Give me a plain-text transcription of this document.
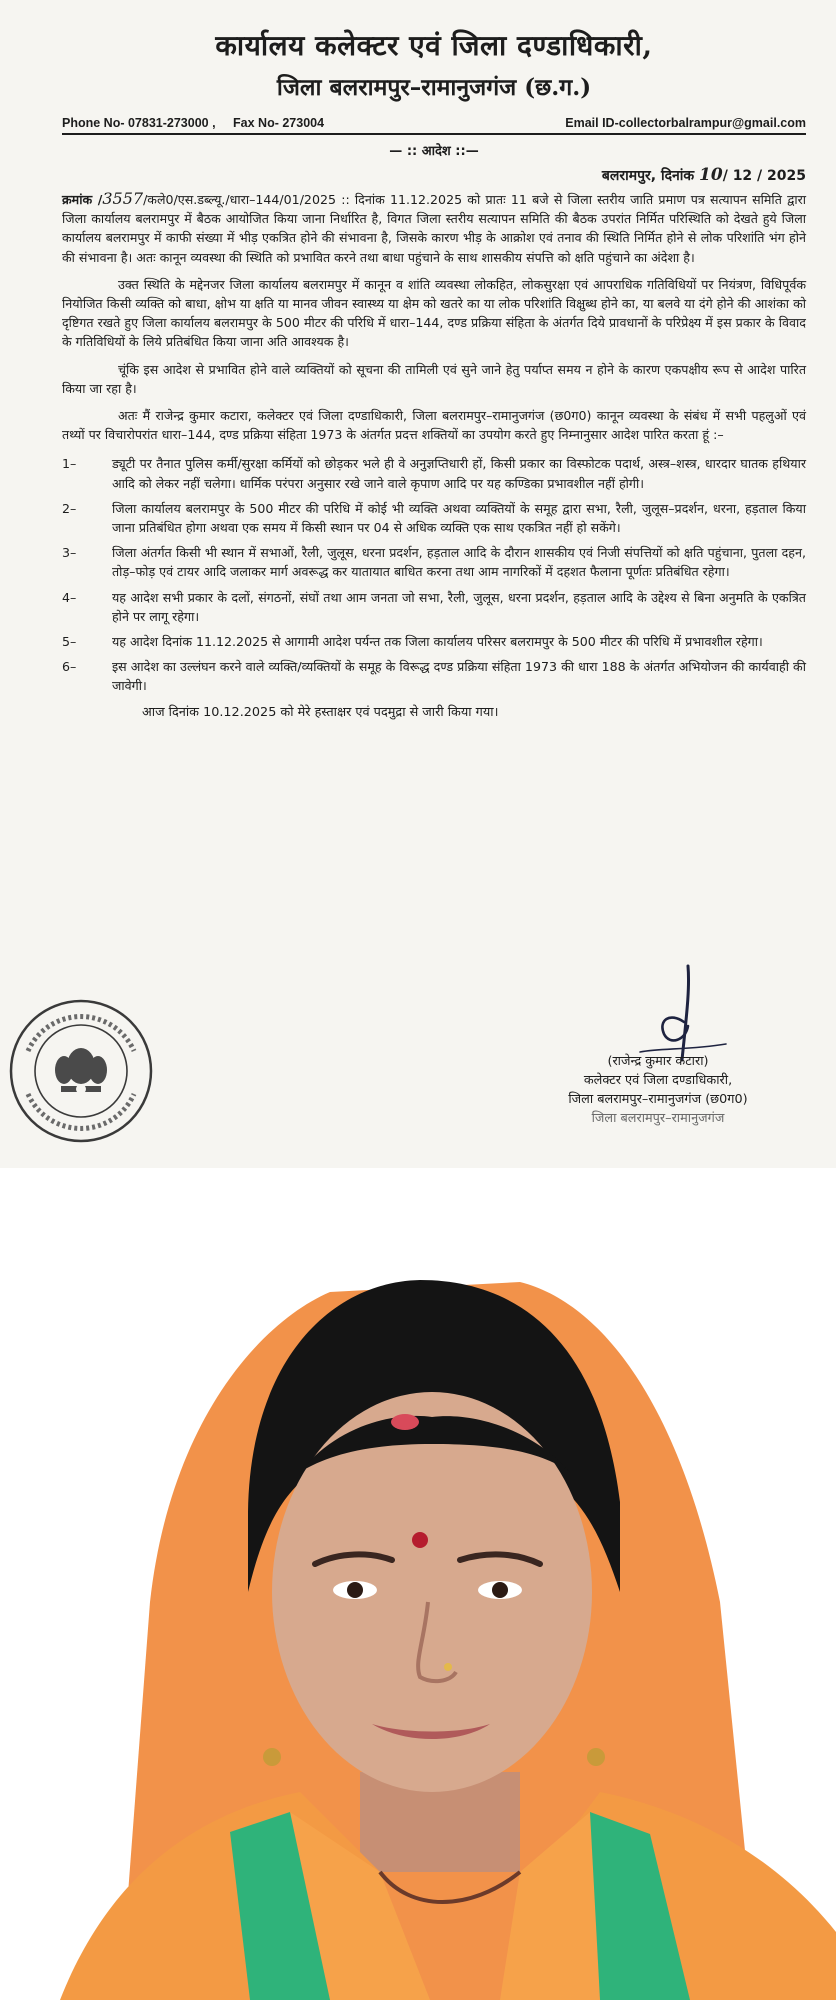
कार्यालय कलेक्टर एवं जिला दण्डाधिकारी,
जिला बलरामपुर–रामानुजगंज (छ.ग.)
Phone No- 07831-273000 , Fax No- 273004	Email ID-collectorbalrampur@gmail.com
— :: आदेश ::—
बलरामपुर, दिनांक 10/ 12 / 2025

क्रमांक /3557/कले0/एस.डब्ल्यू./धारा–144/01/2025 :: दिनांक 11.12.2025 को प्रातः 11 बजे से जिला स्तरीय जाति प्रमाण पत्र सत्यापन समिति द्वारा जिला कार्यालय बलरामपुर में बैठक आयोजित किया जाना निर्धारित है, विगत जिला स्तरीय सत्यापन समिति की बैठक उपरांत निर्मित परिस्थिति को देखते हुये जिला कार्यालय बलरामपुर में काफी संख्या में भीड़ एकत्रित होने की संभावना है, जिसके कारण भीड़ के आक्रोश एवं तनाव की स्थिति निर्मित होने से लोक परिशांति भंग होने की संभावना है। अतः कानून व्यवस्था की स्थिति को प्रभावित करने तथा बाधा पहुंचाने के साथ शासकीय संपत्ति को क्षति पहुंचाने का अंदेशा है।

उक्त स्थिति के मद्देनजर जिला कार्यालय बलरामपुर में कानून व शांति व्यवस्था लोकहित, लोकसुरक्षा एवं आपराधिक गतिविधियों पर नियंत्रण, विधिपूर्वक नियोजित किसी व्यक्ति को बाधा, क्षोभ या क्षति या मानव जीवन स्वास्थ्य या क्षेम को खतरे का या लोक परिशांति विक्षुब्ध होने का, या बलवे या दंगे होने की आशंका को दृष्टिगत रखते हुए जिला कार्यालय बलरामपुर के 500 मीटर की परिधि में धारा–144, दण्ड प्रक्रिया संहिता के अंतर्गत दिये प्रावधानों के परिप्रेक्ष्य में इस प्रकार के विवाद के गतिविधियों के लिये प्रतिबंधित किया जाना अति आवश्यक है।

चूंकि इस आदेश से प्रभावित होने वाले व्यक्तियों को सूचना की तामिली एवं सुने जाने हेतु पर्याप्त समय न होने के कारण एकपक्षीय रूप से आदेश पारित किया जा रहा है।

अतः मैं राजेन्द्र कुमार कटारा, कलेक्टर एवं जिला दण्डाधिकारी, जिला बलरामपुर–रामानुजगंज (छ0ग0) कानून व्यवस्था के संबंध में सभी पहलुओं एवं तथ्यों पर विचारोपरांत धारा–144, दण्ड प्रक्रिया संहिता 1973 के अंतर्गत प्रदत्त शक्तियों का उपयोग करते हुए निम्नानुसार आदेश पारित करता हूं :–

1–	ड्यूटी पर तैनात पुलिस कर्मी/सुरक्षा कर्मियों को छोड़कर भले ही वे अनुज्ञप्तिधारी हों, किसी प्रकार का विस्फोटक पदार्थ, अस्त्र–शस्त्र, धारदार घातक हथियार आदि को लेकर नहीं चलेगा। धार्मिक परंपरा अनुसार रखे जाने वाले कृपाण आदि पर यह कण्डिका प्रभावशील नहीं होगी।
2–	जिला कार्यालय बलरामपुर के 500 मीटर की परिधि में कोई भी व्यक्ति अथवा व्यक्तियों के समूह द्वारा सभा, रैली, जुलूस–प्रदर्शन, धरना, हड़ताल किया जाना प्रतिबंधित होगा अथवा एक समय में किसी स्थान पर 04 से अधिक व्यक्ति एक साथ एकत्रित नहीं हो सकेंगे।
3–	जिला अंतर्गत किसी भी स्थान में सभाओं, रैली, जुलूस, धरना प्रदर्शन, हड़ताल आदि के दौरान शासकीय एवं निजी संपत्तियों को क्षति पहुंचाना, पुतला दहन, तोड़–फोड़ एवं टायर आदि जलाकर मार्ग अवरूद्ध कर यातायात बाधित करना तथा आम नागरिकों में दहशत फैलाना पूर्णतः प्रतिबंधित रहेगा।
4–	यह आदेश सभी प्रकार के दलों, संगठनों, संघों तथा आम जनता जो सभा, रैली, जुलूस, धरना प्रदर्शन, हड़ताल आदि के उद्देश्य से बिना अनुमति के एकत्रित होने पर लागू रहेगा।
5–	यह आदेश दिनांक 11.12.2025 से आगामी आदेश पर्यन्त तक जिला कार्यालय परिसर बलरामपुर के 500 मीटर की परिधि में प्रभावशील रहेगा।
6–	इस आदेश का उल्लंघन करने वाले व्यक्ति/व्यक्तियों के समूह के विरूद्ध दण्ड प्रक्रिया संहिता 1973 की धारा 188 के अंतर्गत अभियोजन की कार्यवाही की जावेगी।
आज दिनांक 10.12.2025 को मेरे हस्ताक्षर एवं पदमुद्रा से जारी किया गया।
(राजेन्द्र कुमार कटारा)
कलेक्टर एवं जिला दण्डाधिकारी,
जिला बलरामपुर–रामानुजगंज (छ0ग0)
जिला बलरामपुर–रामानुजगंज
